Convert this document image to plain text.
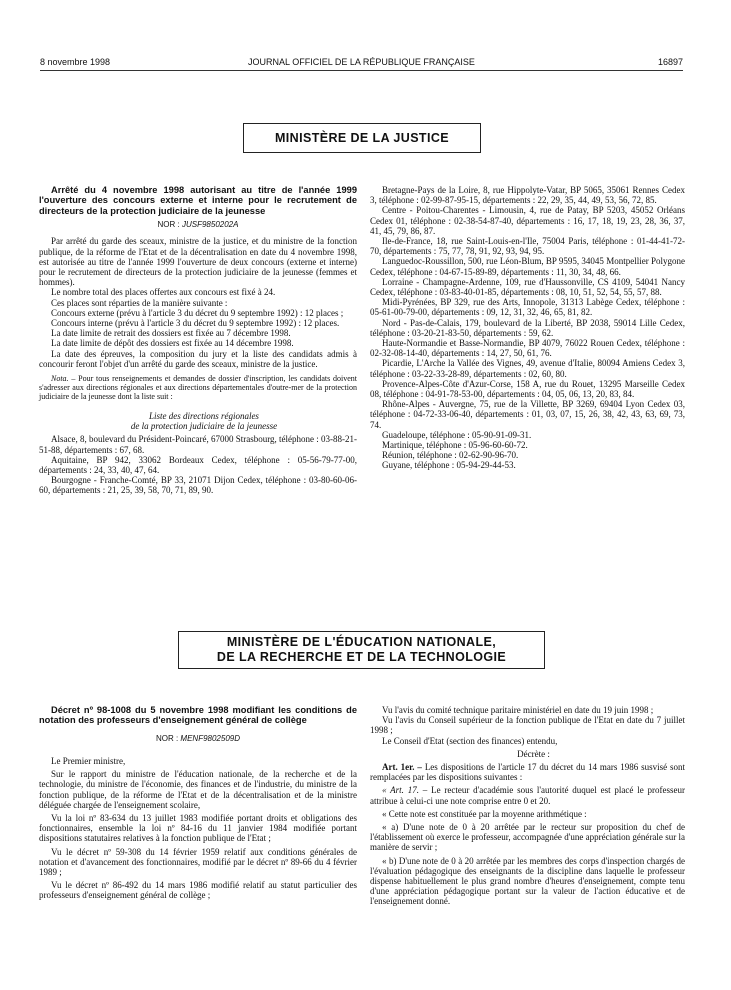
8 novembre 1998	JOURNAL OFFICIEL DE LA RÉPUBLIQUE FRANÇAISE	16897
MINISTÈRE DE LA JUSTICE

Arrêté du 4 novembre 1998 autorisant au titre de l'année 1999 l'ouverture des concours externe et interne pour le recrutement de directeurs de la protection judiciaire de la jeunesse

NOR : JUSF9850202A

Par arrêté du garde des sceaux, ministre de la justice, et du ministre de la fonction publique, de la réforme de l'Etat et de la décentralisation en date du 4 novembre 1998, est autorisée au titre de l'année 1999 l'ouverture de deux concours (externe et interne) pour le recrutement de directeurs de la protection judiciaire de la jeunesse (femmes et hommes).

Le nombre total des places offertes aux concours est fixé à 24.

Ces places sont réparties de la manière suivante :

Concours externe (prévu à l'article 3 du décret du 9 septembre 1992) : 12 places ;

Concours interne (prévu à l'article 3 du décret du 9 septembre 1992) : 12 places.

La date limite de retrait des dossiers est fixée au 7 décembre 1998.

La date limite de dépôt des dossiers est fixée au 14 décembre 1998.

La date des épreuves, la composition du jury et la liste des candidats admis à concourir feront l'objet d'un arrêté du garde des sceaux, ministre de la justice.

Nota. – Pour tous renseignements et demandes de dossier d'inscription, les candidats doivent s'adresser aux directions régionales et aux directions départementales d'outre-mer de la protection judiciaire de la jeunesse dont la liste suit :

Liste des directions régionales

de la protection judiciaire de la jeunesse

Alsace, 8, boulevard du Président-Poincaré, 67000 Strasbourg, téléphone : 03-88-21-51-88, départements : 67, 68.

Aquitaine, BP 942, 33062 Bordeaux Cedex, téléphone : 05-56-79-77-00, départements : 24, 33, 40, 47, 64.

Bourgogne - Franche-Comté, BP 33, 21071 Dijon Cedex, téléphone : 03-80-60-06-60, départements : 21, 25, 39, 58, 70, 71, 89, 90.

Bretagne-Pays de la Loire, 8, rue Hippolyte-Vatar, BP 5065, 35061 Rennes Cedex 3, téléphone : 02-99-87-95-15, départements : 22, 29, 35, 44, 49, 53, 56, 72, 85.

Centre - Poitou-Charentes - Limousin, 4, rue de Patay, BP 5203, 45052 Orléans Cedex 01, téléphone : 02-38-54-87-40, départements : 16, 17, 18, 19, 23, 28, 36, 37, 41, 45, 79, 86, 87.

Ile-de-France, 18, rue Saint-Louis-en-l'Ile, 75004 Paris, téléphone : 01-44-41-72-70, départements : 75, 77, 78, 91, 92, 93, 94, 95.

Languedoc-Roussillon, 500, rue Léon-Blum, BP 9595, 34045 Montpellier Polygone Cedex, téléphone : 04-67-15-89-89, départements : 11, 30, 34, 48, 66.

Lorraine - Champagne-Ardenne, 109, rue d'Haussonville, CS 4109, 54041 Nancy Cedex, téléphone : 03-83-40-01-85, départements : 08, 10, 51, 52, 54, 55, 57, 88.

Midi-Pyrénées, BP 329, rue des Arts, Innopole, 31313 Labège Cedex, téléphone : 05-61-00-79-00, départements : 09, 12, 31, 32, 46, 65, 81, 82.

Nord - Pas-de-Calais, 179, boulevard de la Liberté, BP 2038, 59014 Lille Cedex, téléphone : 03-20-21-83-50, départements : 59, 62.

Haute-Normandie et Basse-Normandie, BP 4079, 76022 Rouen Cedex, téléphone : 02-32-08-14-40, départements : 14, 27, 50, 61, 76.

Picardie, L'Arche la Vallée des Vignes, 49, avenue d'Italie, 80094 Amiens Cedex 3, téléphone : 03-22-33-28-89, départements : 02, 60, 80.

Provence-Alpes-Côte d'Azur-Corse, 158 A, rue du Rouet, 13295 Marseille Cedex 08, téléphone : 04-91-78-53-00, départements : 04, 05, 06, 13, 20, 83, 84.

Rhône-Alpes - Auvergne, 75, rue de la Villette, BP 3269, 69404 Lyon Cedex 03, téléphone : 04-72-33-06-40, départements : 01, 03, 07, 15, 26, 38, 42, 43, 63, 69, 73, 74.

Guadeloupe, téléphone : 05-90-91-09-31.

Martinique, téléphone : 05-96-60-60-72.

Réunion, téléphone : 02-62-90-96-70.

Guyane, téléphone : 05-94-29-44-53.

MINISTÈRE DE L'ÉDUCATION NATIONALE,
DE LA RECHERCHE ET DE LA TECHNOLOGIE

Décret nº 98-1008 du 5 novembre 1998 modifiant les conditions de notation des professeurs d'enseignement général de collège

NOR : MENF9802509D

Le Premier ministre,

Sur le rapport du ministre de l'éducation nationale, de la recherche et de la technologie, du ministre de l'économie, des finances et de l'industrie, du ministre de la fonction publique, de la réforme de l'Etat et de la décentralisation et de la ministre déléguée chargée de l'enseignement scolaire,

Vu la loi nº 83-634 du 13 juillet 1983 modifiée portant droits et obligations des fonctionnaires, ensemble la loi nº 84-16 du 11 janvier 1984 modifiée portant dispositions statutaires relatives à la fonction publique de l'Etat ;

Vu le décret nº 59-308 du 14 février 1959 relatif aux conditions générales de notation et d'avancement des fonctionnaires, modifié par le décret nº 89-66 du 4 février 1989 ;

Vu le décret nº 86-492 du 14 mars 1986 modifié relatif au statut particulier des professeurs d'enseignement général de collège ;

Vu l'avis du comité technique paritaire ministériel en date du 19 juin 1998 ;

Vu l'avis du Conseil supérieur de la fonction publique de l'Etat en date du 7 juillet 1998 ;

Le Conseil d'Etat (section des finances) entendu,

Décrète :

Art. 1er. – Les dispositions de l'article 17 du décret du 14 mars 1986 susvisé sont remplacées par les dispositions suivantes :

« Art. 17. – Le recteur d'académie sous l'autorité duquel est placé le professeur attribue à celui-ci une note comprise entre 0 et 20.

« Cette note est constituée par la moyenne arithmétique :

« a) D'une note de 0 à 20 arrêtée par le recteur sur proposition du chef de l'établissement où exerce le professeur, accompagnée d'une appréciation générale sur la manière de servir ;

« b) D'une note de 0 à 20 arrêtée par les membres des corps d'inspection chargés de l'évaluation pédagogique des enseignants de la discipline dans laquelle le professeur dispense habituellement le plus grand nombre d'heures d'enseignement, compte tenu d'une appréciation pédagogique portant sur la valeur de l'action éducative et de l'enseignement donné.
